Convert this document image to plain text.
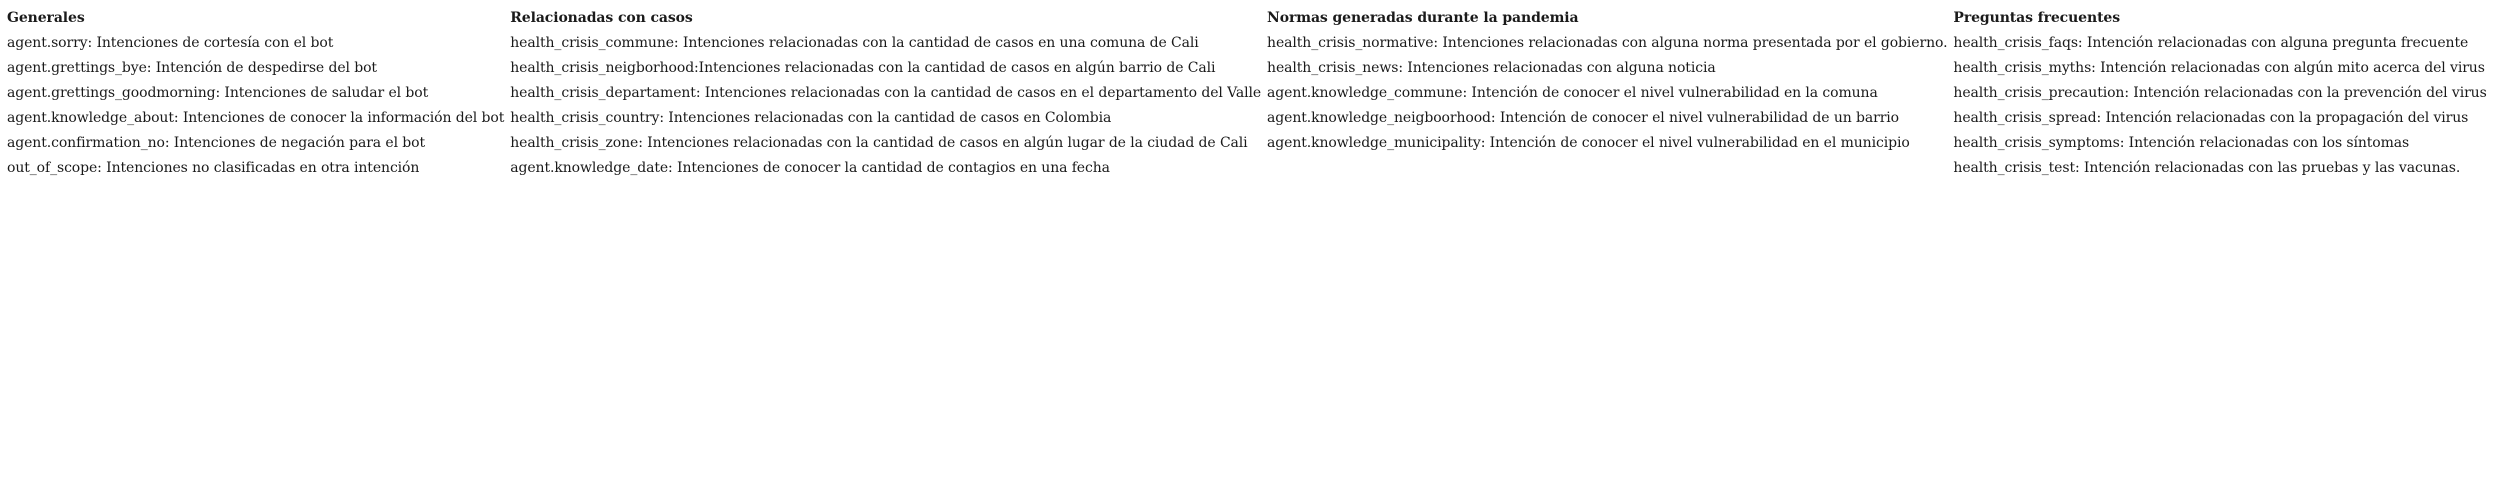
Generales	Relacionadas con casos	Normas generadas durante la pandemia	Preguntas frecuentes
agent.sorry: Intenciones de cortesía con el bot	health_crisis_commune: Intenciones relacionadas con la cantidad de casos en una comuna de Cali	health_crisis_normative: Intenciones relacionadas con alguna norma presentada por el gobierno.	health_crisis_faqs: Intención relacionadas con alguna pregunta frecuente
agent.grettings_bye: Intención de despedirse del bot	health_crisis_neigborhood:Intenciones relacionadas con la cantidad de casos en algún barrio de Cali	health_crisis_news: Intenciones relacionadas con alguna noticia	health_crisis_myths: Intención relacionadas con algún mito acerca del virus
agent.grettings_goodmorning: Intenciones de saludar el bot	health_crisis_departament: Intenciones relacionadas con la cantidad de casos en el departamento del Valle	agent.knowledge_commune: Intención de conocer el nivel vulnerabilidad en la comuna	health_crisis_precaution: Intención relacionadas con la prevención del virus
agent.knowledge_about: Intenciones de conocer la información del bot	health_crisis_country: Intenciones relacionadas con la cantidad de casos en Colombia	agent.knowledge_neigboorhood: Intención de conocer el nivel vulnerabilidad de un barrio	health_crisis_spread: Intención relacionadas con la propagación del virus
agent.confirmation_no: Intenciones de negación para el bot	health_crisis_zone: Intenciones relacionadas con la cantidad de casos en algún lugar de la ciudad de Cali	agent.knowledge_municipality: Intención de conocer el nivel vulnerabilidad en el municipio	health_crisis_symptoms: Intención relacionadas con los síntomas
out_of_scope: Intenciones no clasificadas en otra intención	agent.knowledge_date: Intenciones de conocer la cantidad de contagios en una fecha		health_crisis_test: Intención relacionadas con las pruebas y las vacunas.
